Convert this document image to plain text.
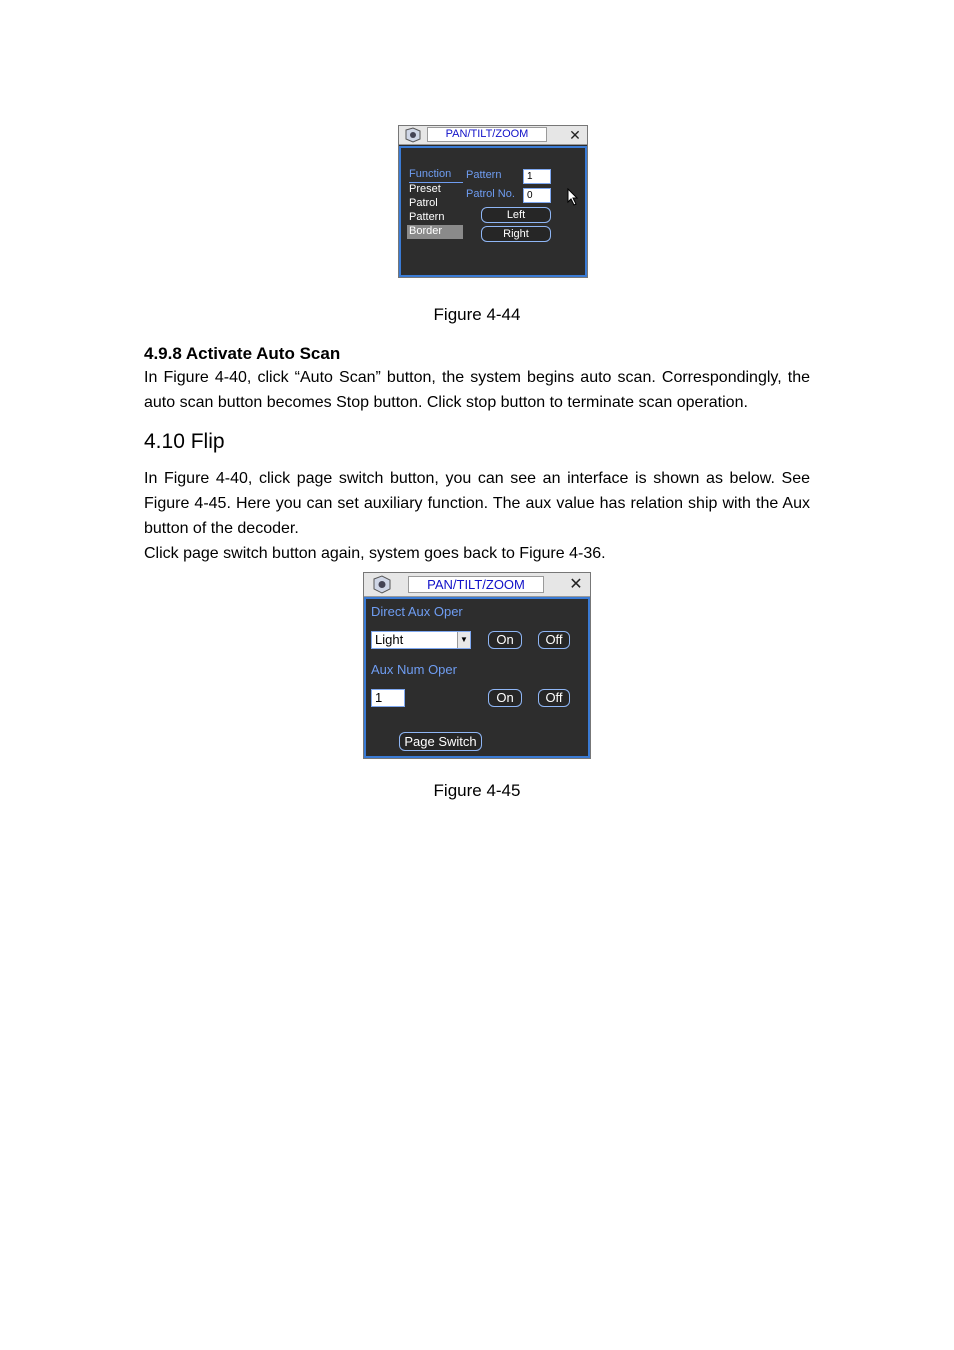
PAN/TILT/ZOOM	✕
Function
Preset
Patrol
Pattern
Border
Pattern	1
Patrol No.	0
Left
Right
Figure 4-44
4.9.8 Activate Auto Scan

In Figure 4-40, click “Auto Scan” button, the system begins auto scan. Correspondingly, the auto scan button becomes Stop button. Click stop button to terminate scan operation.

4.10 Flip

In Figure 4-40, click page switch button, you can see an interface is shown as below. See Figure 4-45. Here you can set auxiliary function. The aux value has relation ship with the Aux button of the decoder.

Click page switch button again, system goes back to Figure 4-36.

PAN/TILT/ZOOM	✕
Direct Aux Oper
Light	▼	On	Off
Aux Num Oper
1	On	Off
Page Switch
Figure 4-45
